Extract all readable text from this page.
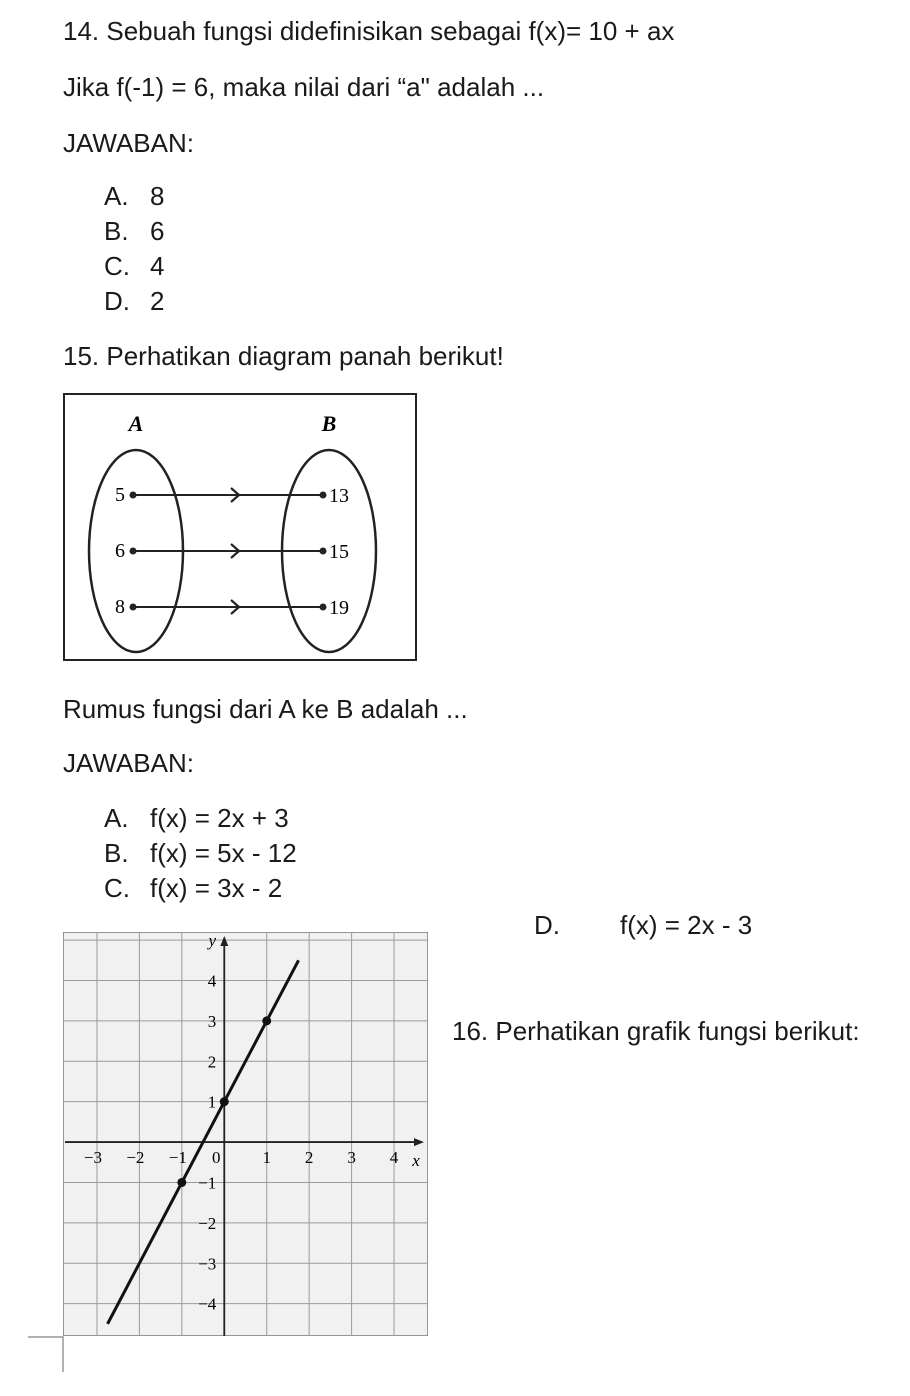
14. Sebuah fungsi didefinisikan sebagai f(x)= 10 + ax
Jika f(-1) = 6, maka nilai dari “a" adalah ...
JAWABAN:
A. 8
B. 6
C. 4
D. 2
15. Perhatikan diagram panah berikut!
A	B
5	13
6	15
8	19
Rumus fungsi dari A ke B adalah ...
JAWABAN:
A. f(x) = 2x + 3
B. f(x) = 5x - 12
C. f(x) = 3x - 2
D. f(x) = 2x - 3
16. Perhatikan grafik fungsi berikut:
x
y
−3 −2 −1 0 1 2 3 4
4
3
2
1
−1
−2
−3
−4
